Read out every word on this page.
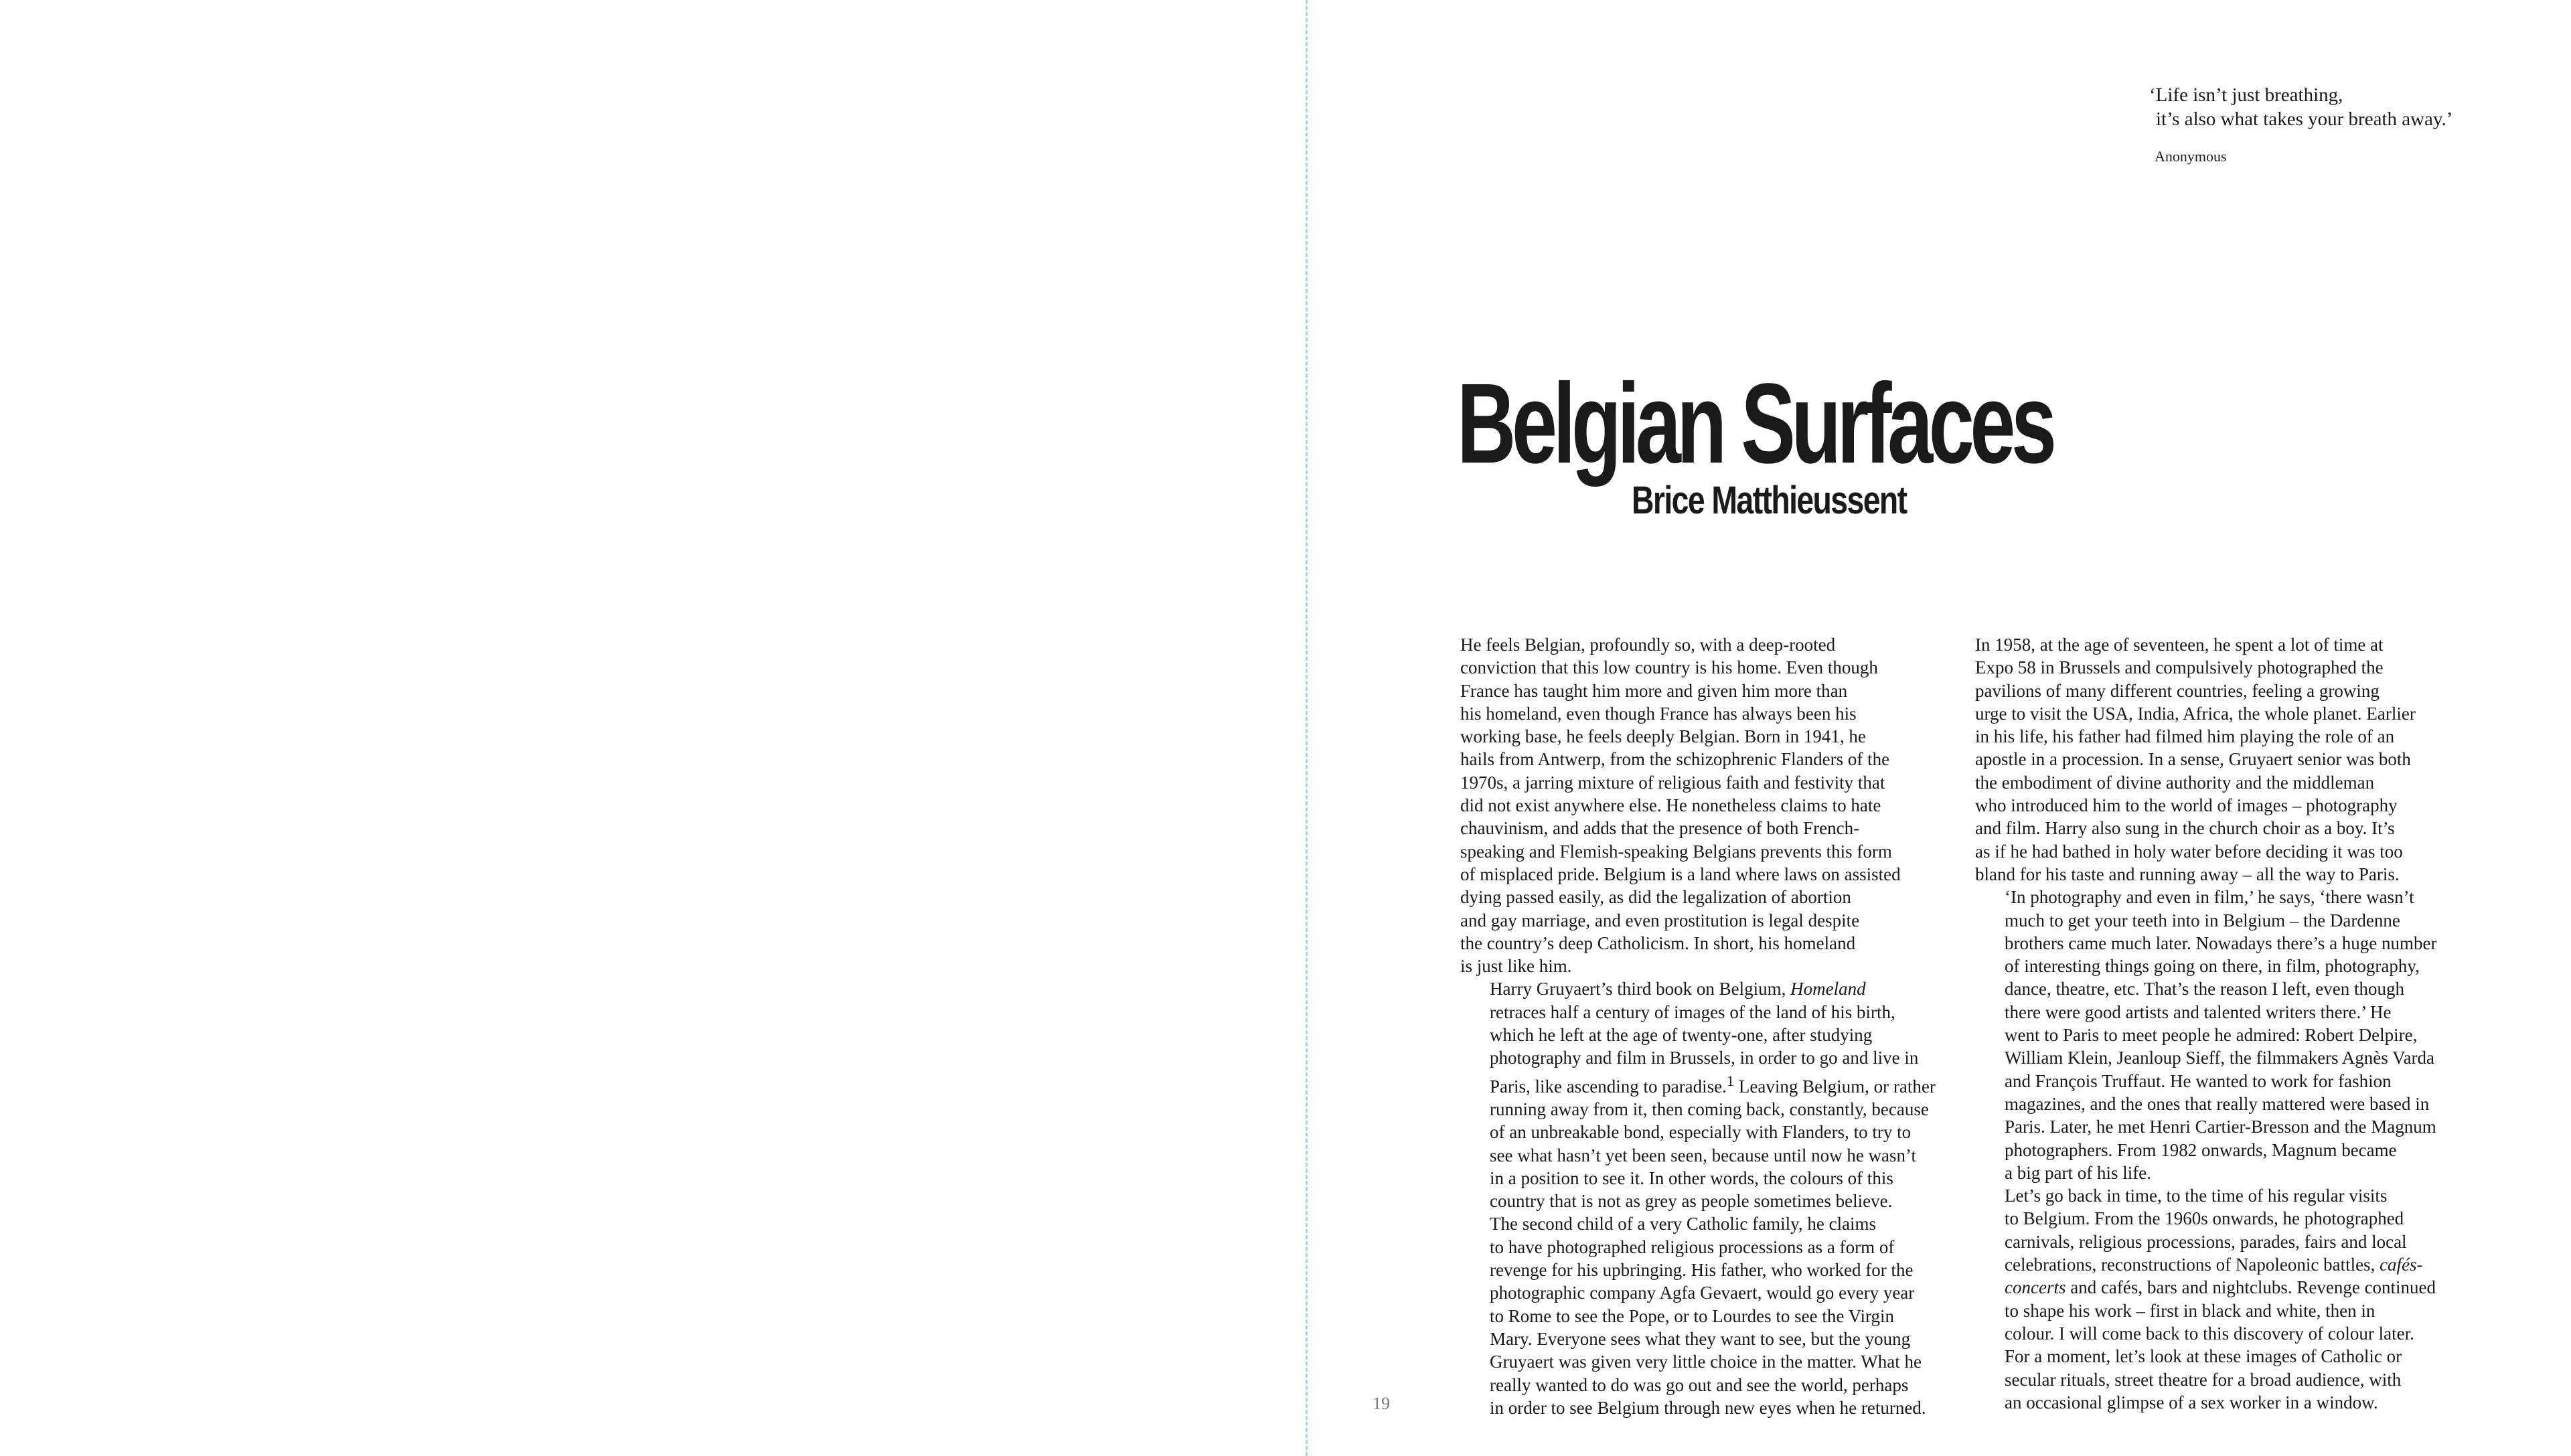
‘Life isn’t just breathing,

it’s also what takes your breath away.’
Anonymous
Belgian Surfaces
Brice Matthieussent

He feels Belgian, profoundly so, with a deep-rooted
conviction that this low country is his home. Even though
France has taught him more and given him more than
his homeland, even though France has always been his
working base, he feels deeply Belgian. Born in 1941, he
hails from Antwerp, from the schizophrenic Flanders of the
1970s, a jarring mixture of religious faith and festivity that
did not exist anywhere else. He nonetheless claims to hate
chauvinism, and adds that the presence of both French-
speaking and Flemish-speaking Belgians prevents this form
of misplaced pride. Belgium is a land where laws on assisted
dying passed easily, as did the legalization of abortion
and gay marriage, and even prostitution is legal despite
the country’s deep Catholicism. In short, his homeland
is just like him.

Harry Gruyaert’s third book on Belgium, Homeland
retraces half a century of images of the land of his birth,
which he left at the age of twenty-one, after studying
photography and film in Brussels, in order to go and live in
Paris, like ascending to paradise.$^1$ Leaving Belgium, or rather
running away from it, then coming back, constantly, because
of an unbreakable bond, especially with Flanders, to try to
see what hasn’t yet been seen, because until now he wasn’t
in a position to see it. In other words, the colours of this
country that is not as grey as people sometimes believe.

The second child of a very Catholic family, he claims
to have photographed religious processions as a form of
revenge for his upbringing. His father, who worked for the
photographic company Agfa Gevaert, would go every year
to Rome to see the Pope, or to Lourdes to see the Virgin
Mary. Everyone sees what they want to see, but the young
Gruyaert was given very little choice in the matter. What he
really wanted to do was go out and see the world, perhaps
in order to see Belgium through new eyes when he returned.

In 1958, at the age of seventeen, he spent a lot of time at
Expo 58 in Brussels and compulsively photographed the
pavilions of many different countries, feeling a growing
urge to visit the USA, India, Africa, the whole planet. Earlier
in his life, his father had filmed him playing the role of an
apostle in a procession. In a sense, Gruyaert senior was both
the embodiment of divine authority and the middleman
who introduced him to the world of images – photography
and film. Harry also sung in the church choir as a boy. It’s
as if he had bathed in holy water before deciding it was too
bland for his taste and running away – all the way to Paris.

‘In photography and even in film,’ he says, ‘there wasn’t
much to get your teeth into in Belgium – the Dardenne
brothers came much later. Nowadays there’s a huge number
of interesting things going on there, in film, photography,
dance, theatre, etc. That’s the reason I left, even though
there were good artists and talented writers there.’ He
went to Paris to meet people he admired: Robert Delpire,
William Klein, Jeanloup Sieff, the filmmakers Agnès Varda
and François Truffaut. He wanted to work for fashion
magazines, and the ones that really mattered were based in
Paris. Later, he met Henri Cartier-Bresson and the Magnum
photographers. From 1982 onwards, Magnum became
a big part of his life.

Let’s go back in time, to the time of his regular visits
to Belgium. From the 1960s onwards, he photographed
carnivals, religious processions, parades, fairs and local
celebrations, reconstructions of Napoleonic battles, cafés-
concerts and cafés, bars and nightclubs. Revenge continued
to shape his work – first in black and white, then in
colour. I will come back to this discovery of colour later.
For a moment, let’s look at these images of Catholic or
secular rituals, street theatre for a broad audience, with
an occasional glimpse of a sex worker in a window.

19
